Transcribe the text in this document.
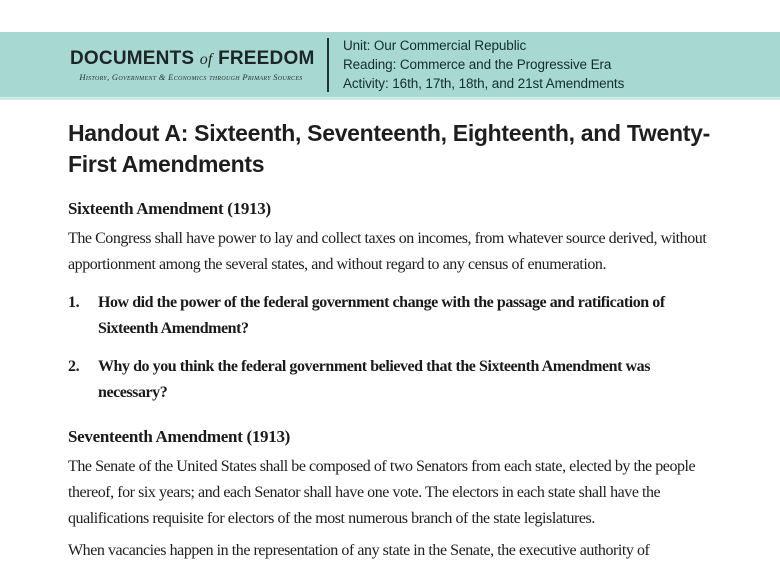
DOCUMENTS of FREEDOM
History, Government & Economics through Primary Sources
Unit: Our Commercial Republic
Reading: Commerce and the Progressive Era
Activity: 16th, 17th, 18th, and 21st Amendments
Handout A: Sixteenth, Seventeenth, Eighteenth, and Twenty-First Amendments
Sixteenth Amendment (1913)

The Congress shall have power to lay and collect taxes on incomes, from whatever source derived, without apportionment among the several states, and without regard to any census of enumeration.

How did the power of the federal government change with the passage and ratification of Sixteenth Amendment?
Why do you think the federal government believed that the Sixteenth Amendment was necessary?
Seventeenth Amendment (1913)

The Senate of the United States shall be composed of two Senators from each state, elected by the people thereof, for six years; and each Senator shall have one vote. The electors in each state shall have the qualifications requisite for electors of the most numerous branch of the state legislatures.

When vacancies happen in the representation of any state in the Senate, the executive authority of
